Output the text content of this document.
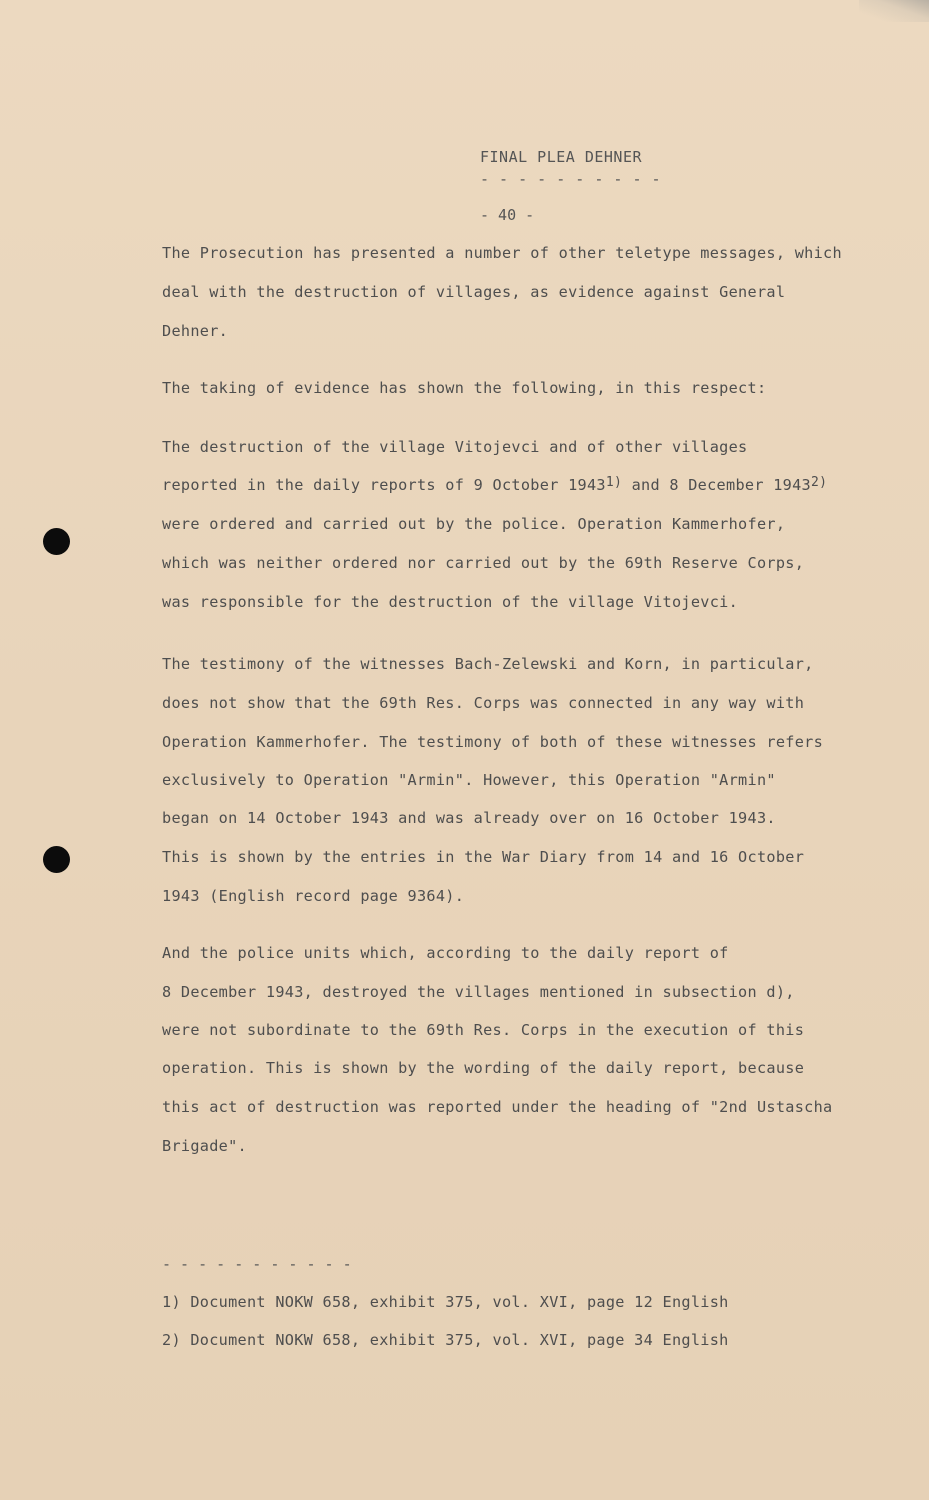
FINAL PLEA DEHNER
- - - - - - - - - -
- 40 -
The Prosecution has presented a number of other teletype messages, which
deal with the destruction of villages, as evidence against General
Dehner.
The taking of evidence has shown the following, in this respect:
The destruction of the village Vitojevci and of other villages
reported in the daily reports of 9 October 1943$^{1)}$ and 8 December 1943$^{2)}$
were ordered and carried out by the police. Operation Kammerhofer,
which was neither ordered nor carried out by the 69th Reserve Corps,
was responsible for the destruction of the village Vitojevci.
The testimony of the witnesses Bach-Zelewski and Korn, in particular,
does not show that the 69th Res. Corps was connected in any way with
Operation Kammerhofer. The testimony of both of these witnesses refers
exclusively to Operation "Armin". However, this Operation "Armin"
began on 14 October 1943 and was already over on 16 October 1943.
This is shown by the entries in the War Diary from 14 and 16 October
1943 (English record page 9364).
And the police units which, according to the daily report of
8 December 1943, destroyed the villages mentioned in subsection d),
were not subordinate to the 69th Res. Corps in the execution of this
operation. This is shown by the wording of the daily report, because
this act of destruction was reported under the heading of "2nd Ustascha
Brigade".
- - - - - - - - - - -
1) Document NOKW 658, exhibit 375, vol. XVI, page 12 English
2) Document NOKW 658, exhibit 375, vol. XVI, page 34 English
